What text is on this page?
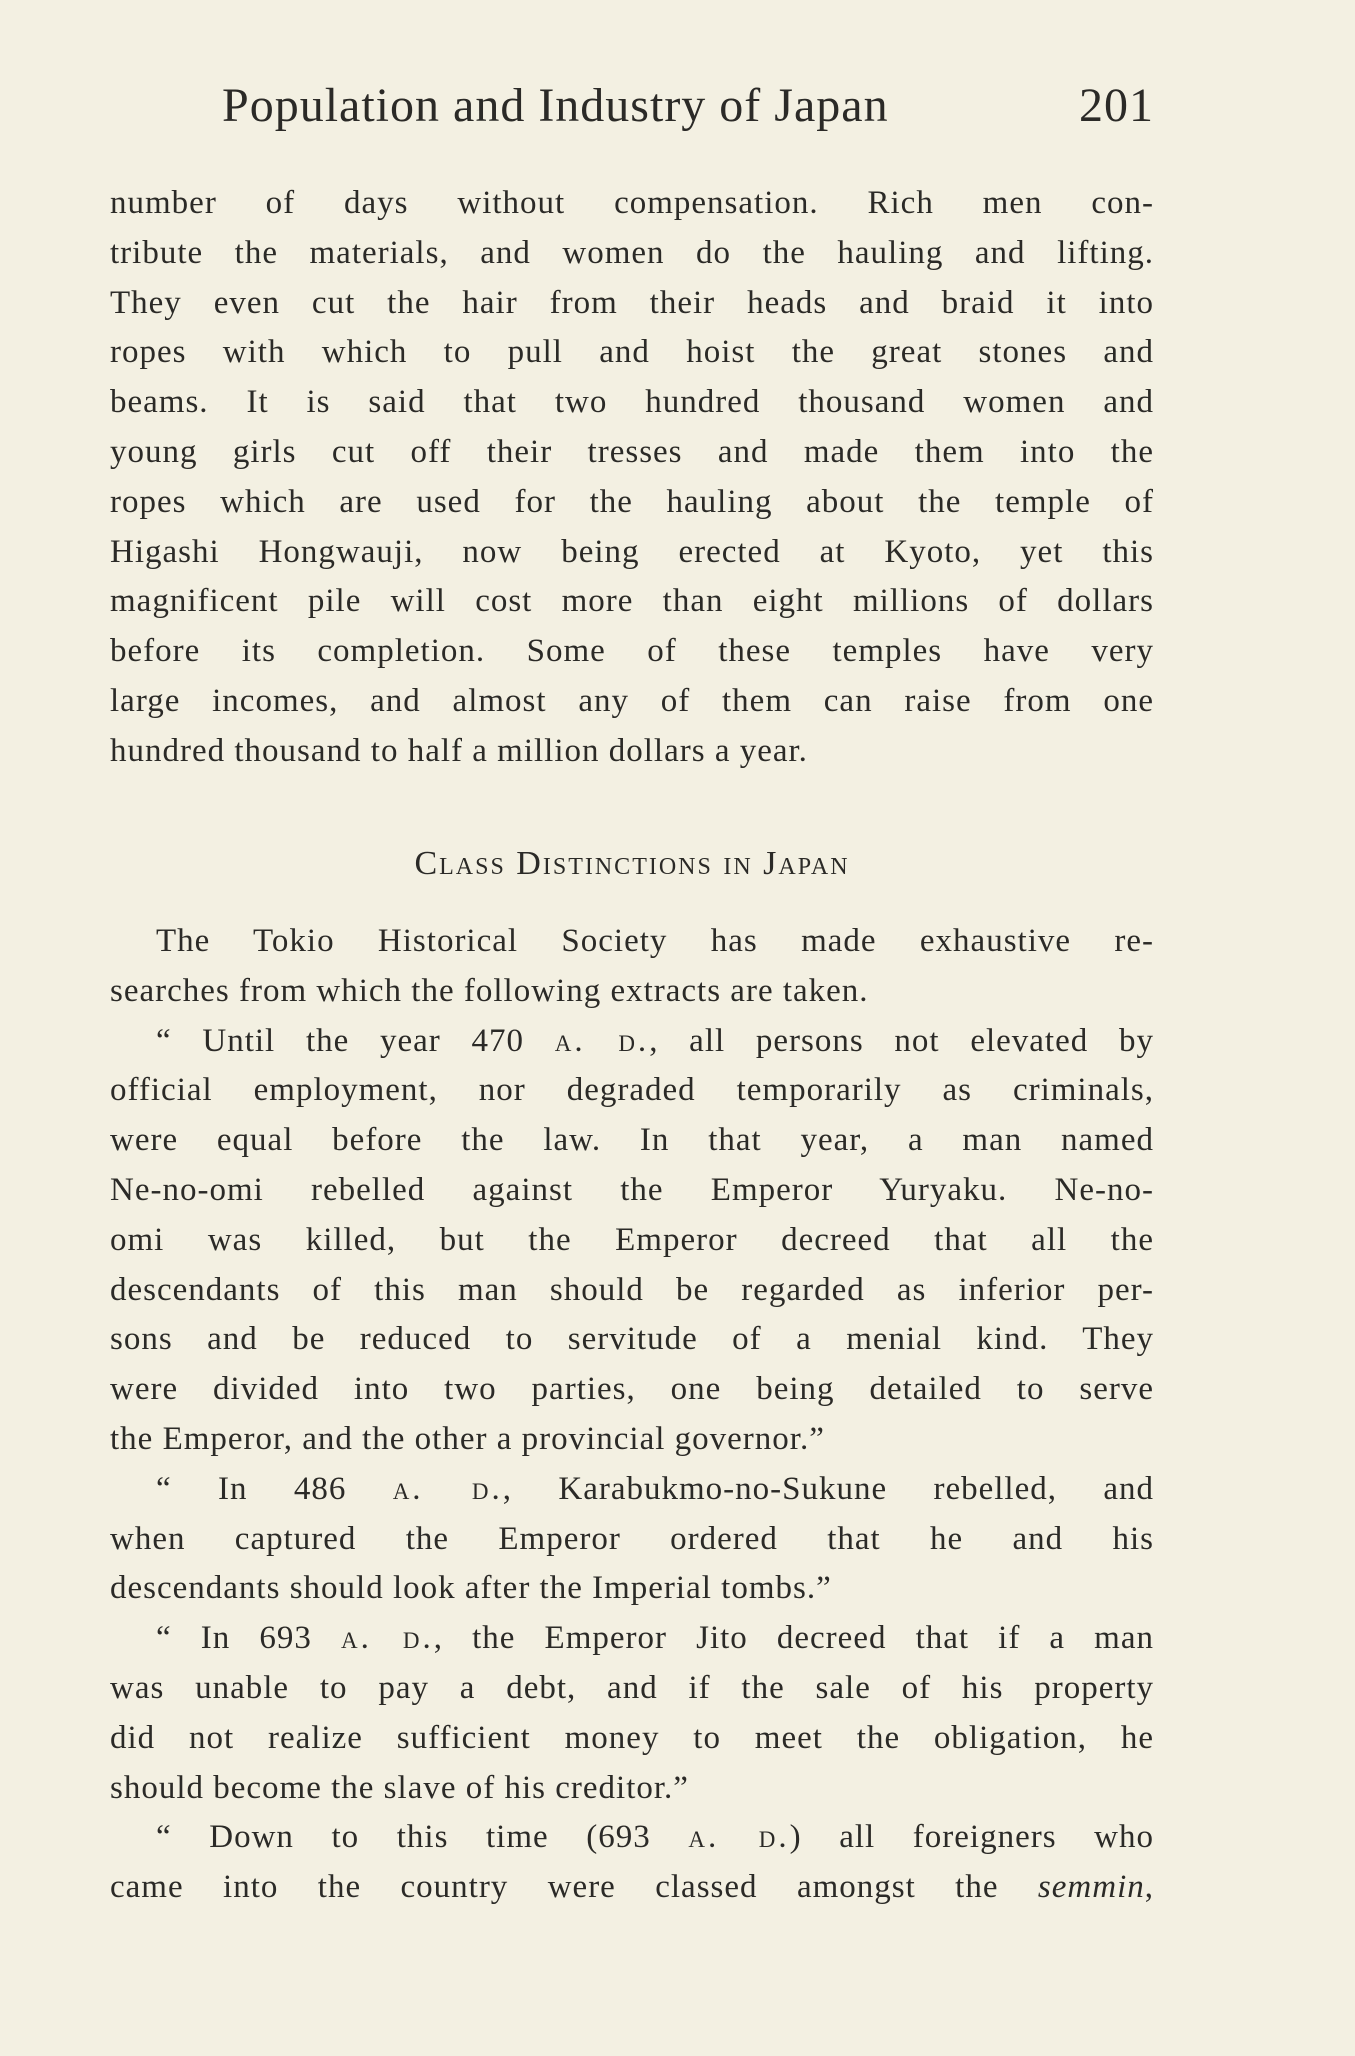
Population and Industry of Japan	201
number of days without compensation. Rich men con-
tribute the materials, and women do the hauling and lifting.
They even cut the hair from their heads and braid it into
ropes with which to pull and hoist the great stones and
beams. It is said that two hundred thousand women and
young girls cut off their tresses and made them into the
ropes which are used for the hauling about the temple of
Higashi Hongwauji, now being erected at Kyoto, yet this
magnificent pile will cost more than eight millions of dollars
before its completion. Some of these temples have very
large incomes, and almost any of them can raise from one
hundred thousand to half a million dollars a year.
Class Distinctions in Japan
The Tokio Historical Society has made exhaustive re-
searches from which the following extracts are taken.
“ Until the year 470 a. d., all persons not elevated by
official employment, nor degraded temporarily as criminals,
were equal before the law. In that year, a man named
Ne-no-omi rebelled against the Emperor Yuryaku. Ne-no-
omi was killed, but the Emperor decreed that all the
descendants of this man should be regarded as inferior per-
sons and be reduced to servitude of a menial kind. They
were divided into two parties, one being detailed to serve
the Emperor, and the other a provincial governor.”
“ In 486 a. d., Karabukmo-no-Sukune rebelled, and
when captured the Emperor ordered that he and his
descendants should look after the Imperial tombs.”
“ In 693 a. d., the Emperor Jito decreed that if a man
was unable to pay a debt, and if the sale of his property
did not realize sufficient money to meet the obligation, he
should become the slave of his creditor.”
“ Down to this time (693 a. d.) all foreigners who
came into the country were classed amongst the semmin,
